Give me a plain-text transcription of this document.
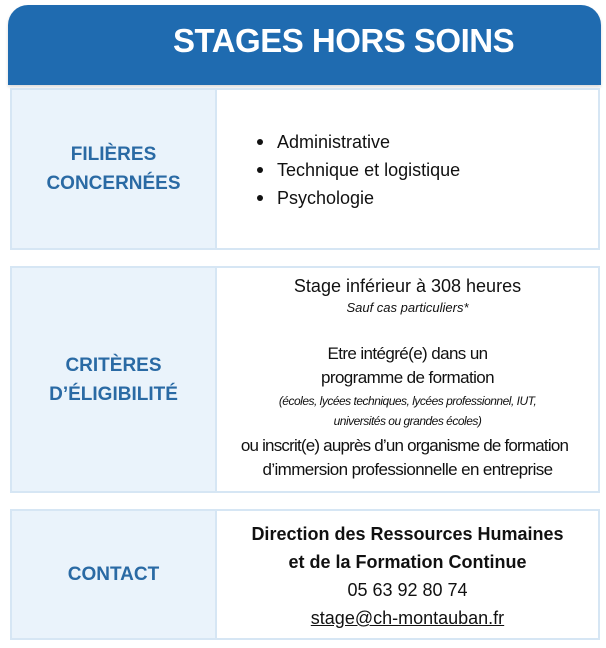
STAGES HORS SOINS
FILIÈRES
CONCERNÉES
Administrative
Technique et logistique
Psychologie
CRITÈRES
D’ÉLIGIBILITÉ
Stage inférieur à 308 heures
Sauf cas particuliers*
Etre intégré(e) dans un
programme de formation
(écoles, lycées techniques, lycées professionnel, IUT,
universités ou grandes écoles)
ou inscrit(e) auprès d’un organisme de formation
d’immersion professionnelle en entreprise
CONTACT
Direction des Ressources Humaines
et de la Formation Continue
05 63 92 80 74
stage@ch-montauban.fr
